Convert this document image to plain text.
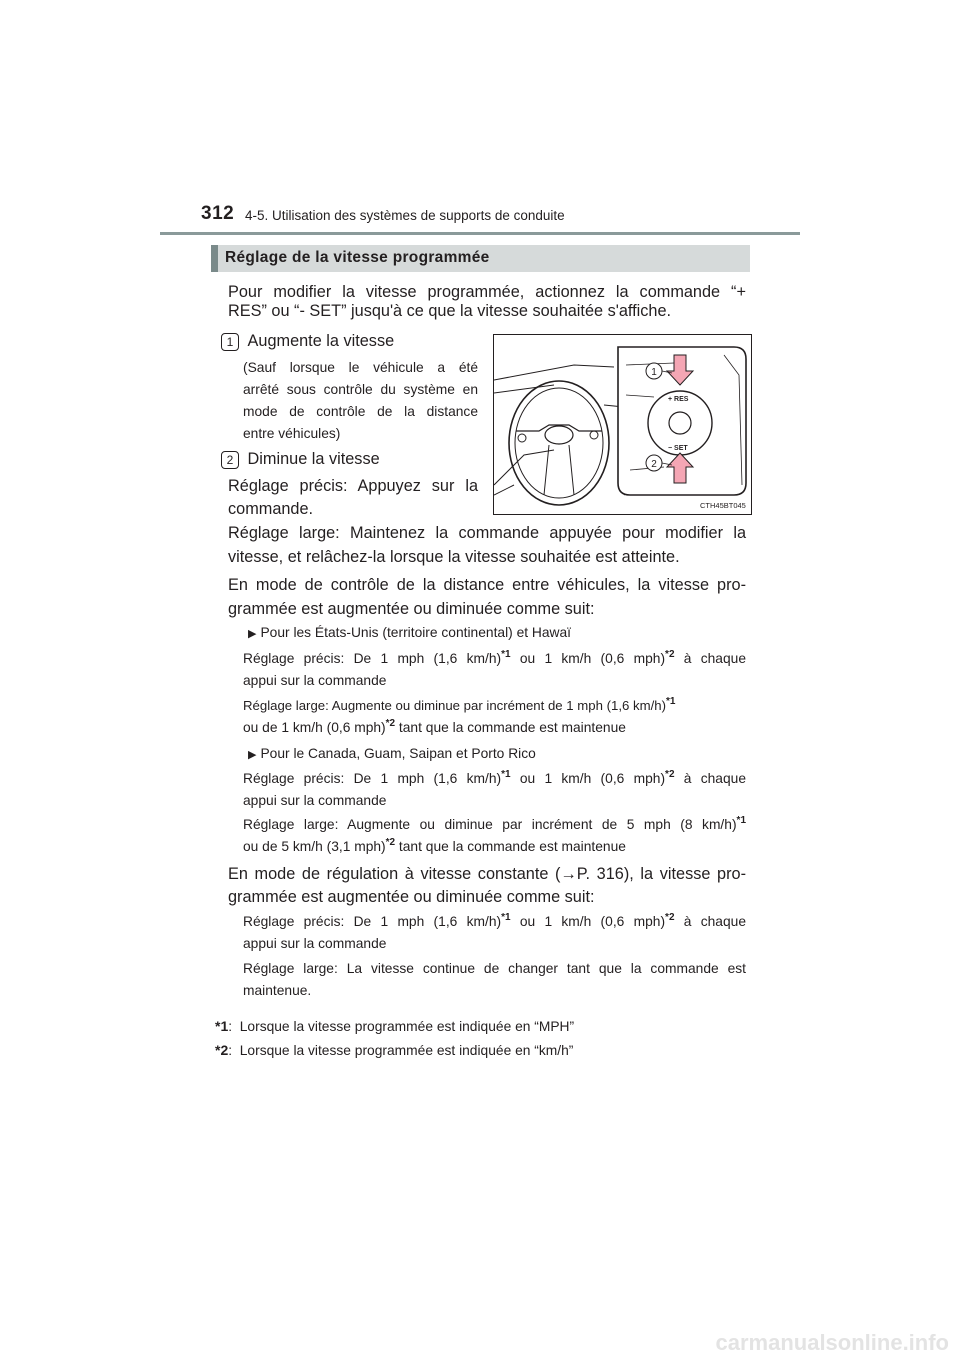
312 4-5. Utilisation des systèmes de supports de conduite
Réglage de la vitesse programmée
Pour modifier la vitesse programmée, actionnez la commande “+
RES” ou “- SET” jusqu'à ce que la vitesse souhaitée s'affiche.
1 Augmente la vitesse
(Sauf lorsque le véhicule a été
arrêté sous contrôle du système en
mode de contrôle de la distance
entre véhicules)
2 Diminue la vitesse
Réglage précis: Appuyez sur la
commande.
+ RES
− SET
1
2
CTH45BT045
Réglage large: Maintenez la commande appuyée pour modifier la
vitesse, et relâchez-la lorsque la vitesse souhaitée est atteinte.
En mode de contrôle de la distance entre véhicules, la vitesse pro-
grammée est augmentée ou diminuée comme suit:
▶ Pour les États-Unis (territoire continental) et Hawaï
Réglage précis: De 1 mph (1,6 km/h)$^{*1}$ ou 1 km/h (0,6 mph)$^{*2}$ à chaque
appui sur la commande
Réglage large: Augmente ou diminue par incrément de 1 mph (1,6 km/h)$^{*1}$
ou de 1 km/h (0,6 mph)$^{*2}$ tant que la commande est maintenue
▶ Pour le Canada, Guam, Saipan et Porto Rico
Réglage précis: De 1 mph (1,6 km/h)$^{*1}$ ou 1 km/h (0,6 mph)$^{*2}$ à chaque
appui sur la commande
Réglage large: Augmente ou diminue par incrément de 5 mph (8 km/h)$^{*1}$
ou de 5 km/h (3,1 mph)$^{*2}$ tant que la commande est maintenue
En mode de régulation à vitesse constante (→P. 316), la vitesse pro-
grammée est augmentée ou diminuée comme suit:
Réglage précis: De 1 mph (1,6 km/h)$^{*1}$ ou 1 km/h (0,6 mph)$^{*2}$ à chaque
appui sur la commande
Réglage large: La vitesse continue de changer tant que la commande est
maintenue.
*1: Lorsque la vitesse programmée est indiquée en “MPH”
*2: Lorsque la vitesse programmée est indiquée en “km/h”
carmanualsonline.info
